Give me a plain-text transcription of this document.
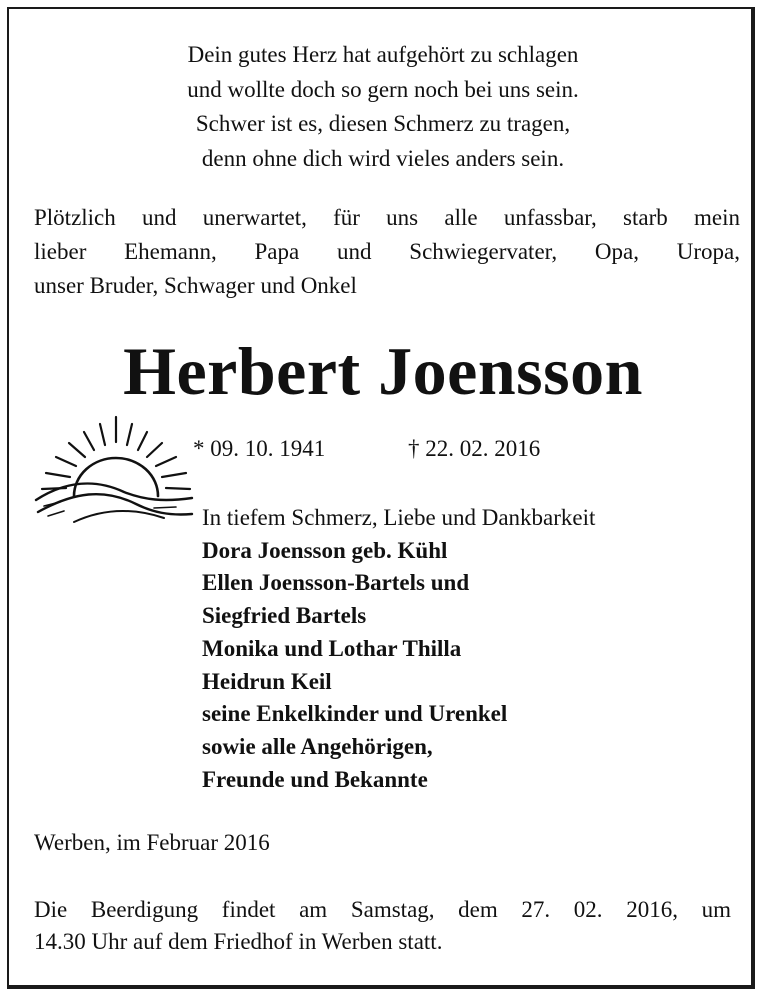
Dein gutes Herz hat aufgehört zu schlagen
und wollte doch so gern noch bei uns sein.
Schwer ist es, diesen Schmerz zu tragen,
denn ohne dich wird vieles anders sein.
Plötzlich und unerwartet, für uns alle unfassbar, starb mein
lieber Ehemann, Papa und Schwiegervater, Opa, Uropa,
unser Bruder, Schwager und Onkel
Herbert Joensson
* 09. 10. 1941	† 22. 02. 2016
In tiefem Schmerz, Liebe und Dankbarkeit
Dora Joensson geb. Kühl
Ellen Joensson-Bartels und
Siegfried Bartels
Monika und Lothar Thilla
Heidrun Keil
seine Enkelkinder und Urenkel
sowie alle Angehörigen,
Freunde und Bekannte
Werben, im Februar 2016
Die Beerdigung findet am Samstag, dem 27. 02. 2016, um
14.30 Uhr auf dem Friedhof in Werben statt.
